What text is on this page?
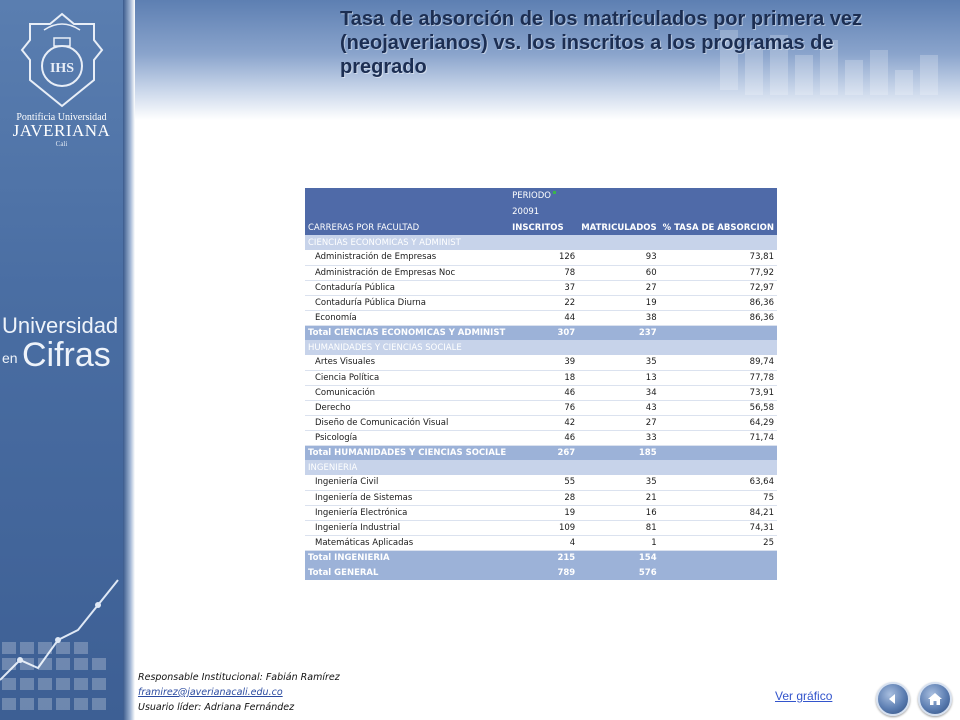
IHS
Pontificia Universidad
JAVERIANA
Cali
Universidad
en Cifras
Tasa de absorción de los matriculados por primera vez (neojaverianos) vs. los inscritos a los programas de pregrado
	PERIODO		
	20091		
CARRERAS POR FACULTAD	INSCRITOS	MATRICULADOS	% TASA DE ABSORCION
CIENCIAS ECONOMICAS Y ADMINIST			
Administración de Empresas	126	93	73,81
Administración de Empresas Noc	78	60	77,92
Contaduría Pública	37	27	72,97
Contaduría Pública Diurna	22	19	86,36
Economía	44	38	86,36
Total CIENCIAS ECONOMICAS Y ADMINIST	307	237	
HUMANIDADES Y CIENCIAS SOCIALE			
Artes Visuales	39	35	89,74
Ciencia Política	18	13	77,78
Comunicación	46	34	73,91
Derecho	76	43	56,58
Diseño de Comunicación Visual	42	27	64,29
Psicología	46	33	71,74
Total HUMANIDADES Y CIENCIAS SOCIALE	267	185	
INGENIERIA			
Ingeniería Civil	55	35	63,64
Ingeniería de Sistemas	28	21	75
Ingeniería Electrónica	19	16	84,21
Ingeniería Industrial	109	81	74,31
Matemáticas Aplicadas	4	1	25
Total INGENIERIA	215	154	
Total GENERAL	789	576	
Responsable Institucional: Fabián Ramírez
framirez@javerianacali.edu.co
Usuario líder: Adriana Fernández
Ver gráfico
